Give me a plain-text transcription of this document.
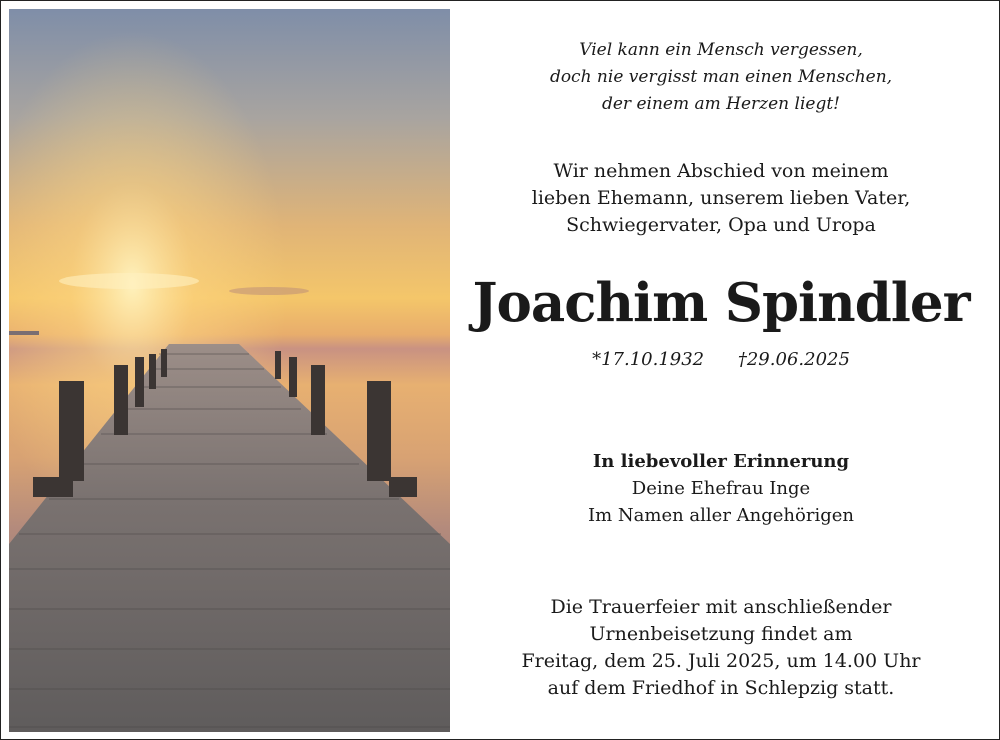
Viel kann ein Mensch vergessen,
doch nie vergisst man einen Menschen,
der einem am Herzen liegt!
Wir nehmen Abschied von meinem
lieben Ehemann, unserem lieben Vater,
Schwiegervater, Opa und Uropa
Joachim Spindler
*17.10.1932 †29.06.2025
In liebevoller Erinnerung
Deine Ehefrau Inge
Im Namen aller Angehörigen
Die Trauerfeier mit anschließender
Urnenbeisetzung findet am
Freitag, dem 25. Juli 2025, um 14.00 Uhr
auf dem Friedhof in Schlepzig statt.
